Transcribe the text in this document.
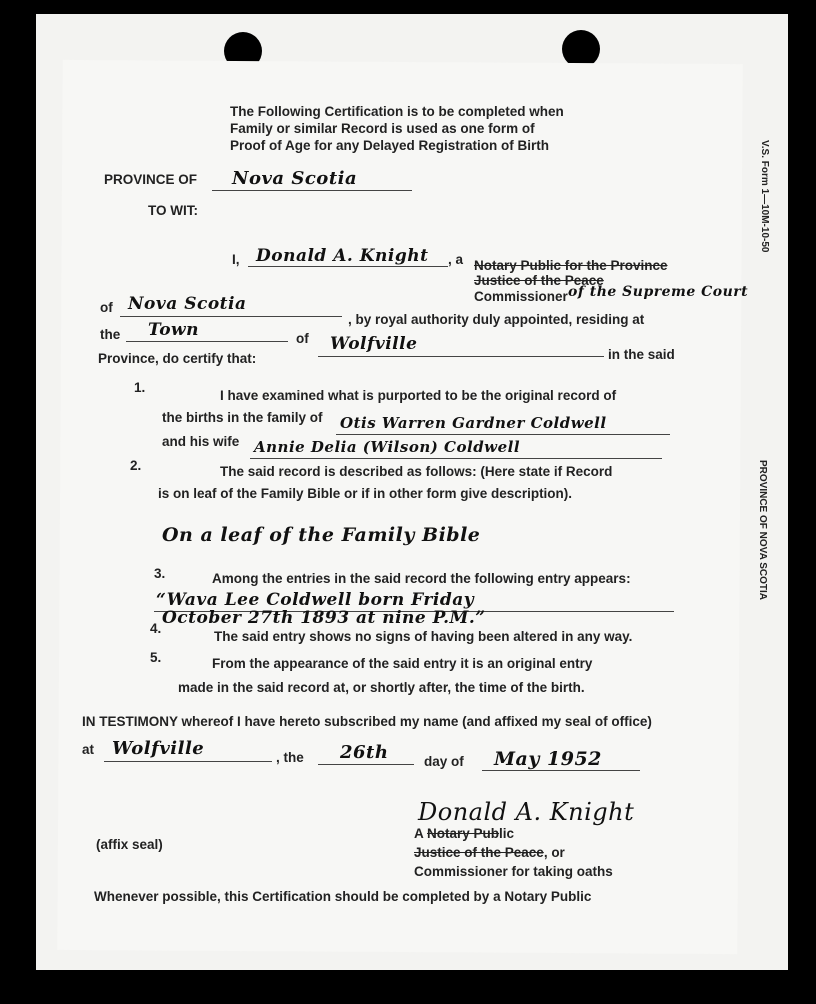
V.S. Form 1—10M-10-50
PROVINCE OF NOVA SCOTIA
The Following Certification is to be completed when
Family or similar Record is used as one form of
Proof of Age for any Delayed Registration of Birth
PROVINCE OF Nova Scotia
TO WIT:
I, Donald A. Knight , a Notary Public for the Province
Justice of the Peace
Commissioner of the Supreme Court
of Nova Scotia
, by royal authority duly appointed, residing at
the Town	of Wolfville
in the said
Province, do certify that:
1.
I have examined what is purported to be the original record of
the births in the family of Otis Warren Gardner Coldwell
and his wife Annie Delia (Wilson) Coldwell
2.	The said record is described as follows: (Here state if Record
is on leaf of the Family Bible or if in other form give description).
On a leaf of the Family Bible
3.	Among the entries in the said record the following entry appears:
“Wava Lee Coldwell born Friday
October 27th 1893 at nine P.M.”
4.
The said entry shows no signs of having been altered in any way.
5.	From the appearance of the said entry it is an original entry
made in the said record at, or shortly after, the time of the birth.
IN TESTIMONY whereof I have hereto subscribed my name (and affixed my seal of office)
at Wolfville	, the 26th	day of May 1952
Donald A. Knight
A Notary Public
Justice of the Peace, or
Commissioner for taking oaths
(affix seal)
Whenever possible, this Certification should be completed by a Notary Public
